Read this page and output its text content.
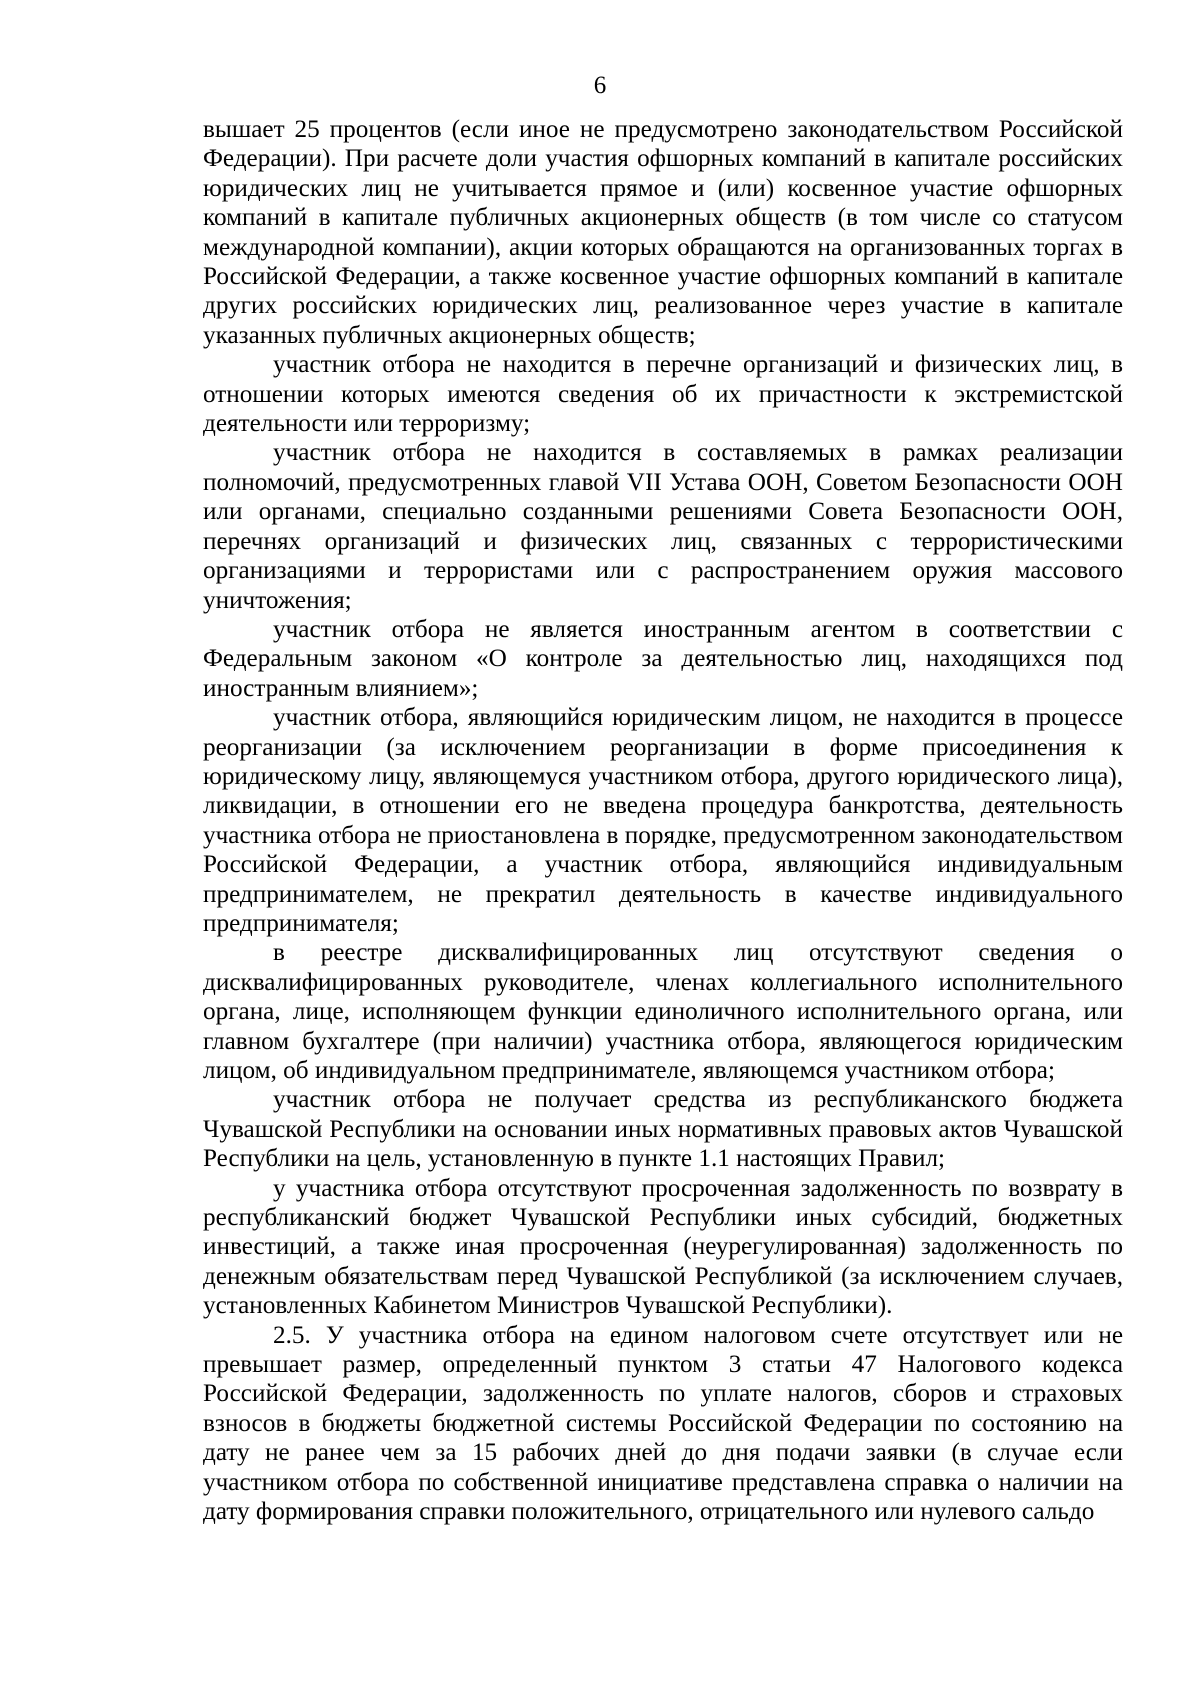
6

вышает 25 процентов (если иное не предусмотрено законодательством Российской Федерации). При расчете доли участия офшорных компаний в капитале российских юридических лиц не учитывается прямое и (или) косвенное участие офшорных компаний в капитале публичных акционерных обществ (в том числе со статусом международной компании), акции которых обращаются на организованных торгах в Российской Федерации, а также косвенное участие офшорных компаний в капитале других российских юридических лиц, реализованное через участие в капитале указанных публичных акционерных обществ;

участник отбора не находится в перечне организаций и физических лиц, в отношении которых имеются сведения об их причастности к экстремистской деятельности или терроризму;

участник отбора не находится в составляемых в рамках реализации полномочий, предусмотренных главой VII Устава ООН, Советом Безопасности ООН или органами, специально созданными решениями Совета Безопасности ООН, перечнях организаций и физических лиц, связанных с террористическими организациями и террористами или с распространением оружия массового уничтожения;

участник отбора не является иностранным агентом в соответствии с Федеральным законом «О контроле за деятельностью лиц, находящихся под иностранным влиянием»;

участник отбора, являющийся юридическим лицом, не находится в процессе реорганизации (за исключением реорганизации в форме присоединения к юридическому лицу, являющемуся участником отбора, другого юридического лица), ликвидации, в отношении его не введена процедура банкротства, деятельность участника отбора не приостановлена в порядке, предусмотренном законодательством Российской Федерации, а участник отбора, являющийся индивидуальным предпринимателем, не прекратил деятельность в качестве индивидуального предпринимателя;

в реестре дисквалифицированных лиц отсутствуют сведения о дисквалифицированных руководителе, членах коллегиального исполнительного органа, лице, исполняющем функции единоличного исполнительного органа, или главном бухгалтере (при наличии) участника отбора, являющегося юридическим лицом, об индивидуальном предпринимателе, являющемся участником отбора;

участник отбора не получает средства из республиканского бюджета Чувашской Республики на основании иных нормативных правовых актов Чувашской Республики на цель, установленную в пункте 1.1 настоящих Правил;

у участника отбора отсутствуют просроченная задолженность по возврату в республиканский бюджет Чувашской Республики иных субсидий, бюджетных инвестиций, а также иная просроченная (неурегулированная) задолженность по денежным обязательствам перед Чувашской Республикой (за исключением случаев, установленных Кабинетом Министров Чувашской Республики).

2.5. У участника отбора на едином налоговом счете отсутствует или не превышает размер, определенный пунктом 3 статьи 47 Налогового кодекса Российской Федерации, задолженность по уплате налогов, сборов и страховых взносов в бюджеты бюджетной системы Российской Федерации по состоянию на дату не ранее чем за 15 рабочих дней до дня подачи заявки (в случае если участником отбора по собственной инициативе представлена справка о наличии на дату формирования справки положительного, отрицательного или нулевого сальдо
